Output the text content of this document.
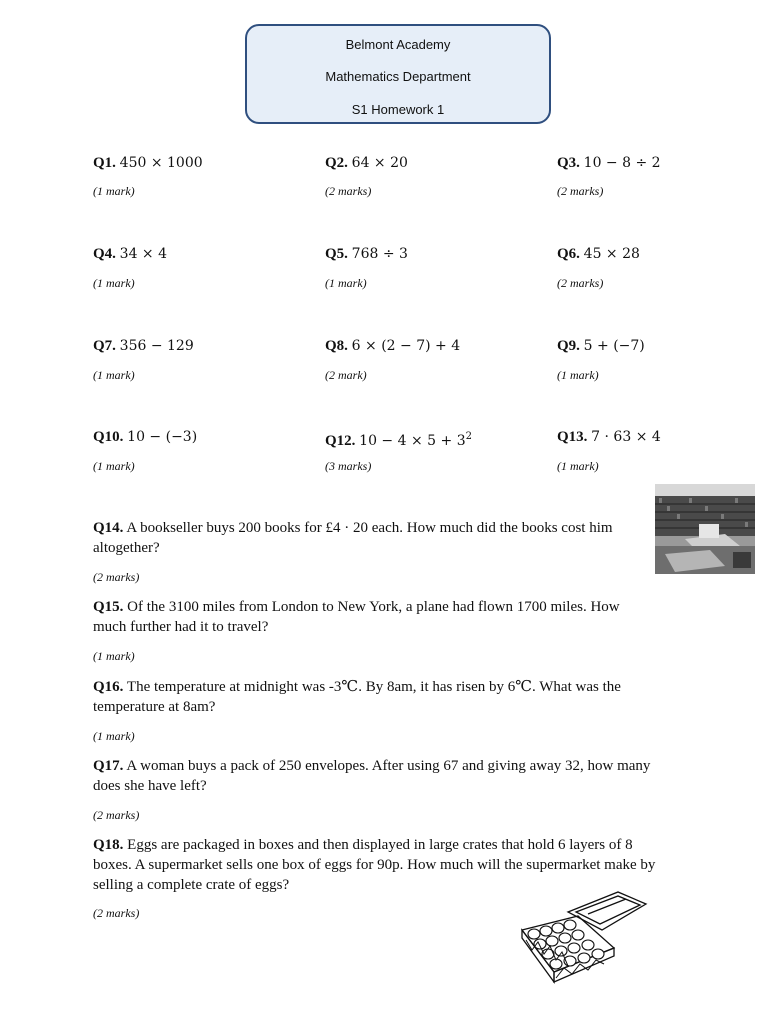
Belmont Academy
Mathematics Department
S1 Homework 1
Q1. 450 × 1000
(1 mark)
Q2. 64 × 20
(2 marks)
Q3. 10 − 8 ÷ 2
(2 marks)
Q4. 34 × 4
(1 mark)
Q5. 768 ÷ 3
(1 mark)
Q6. 45 × 28
(2 marks)
Q7. 356 − 129
(1 mark)
Q8. 6 × (2 − 7) + 4
(2 mark)
Q9. 5 + (−7)
(1 mark)
Q10. 10 − (−3)
(1 mark)
Q12. $10 - 4 \times 5 + 3^2$
(3 marks)
Q13. 7 · 63 × 4
(1 mark)
Q14. A bookseller buys 200 books for £4 · 20 each. How much did the books cost him
altogether?
(2 marks)
Q15. Of the 3100 miles from London to New York, a plane had flown 1700 miles. How
much further had it to travel?
(1 mark)
Q16. The temperature at midnight was -3℃. By 8am, it has risen by 6℃. What was the
temperature at 8am?
(1 mark)
Q17. A woman buys a pack of 250 envelopes. After using 67 and giving away 32, how many
does she have left?
(2 marks)
Q18. Eggs are packaged in boxes and then displayed in large crates that hold 6 layers of 8
boxes. A supermarket sells one box of eggs for 90p. How much will the supermarket make by
selling a complete crate of eggs?
(2 marks)
